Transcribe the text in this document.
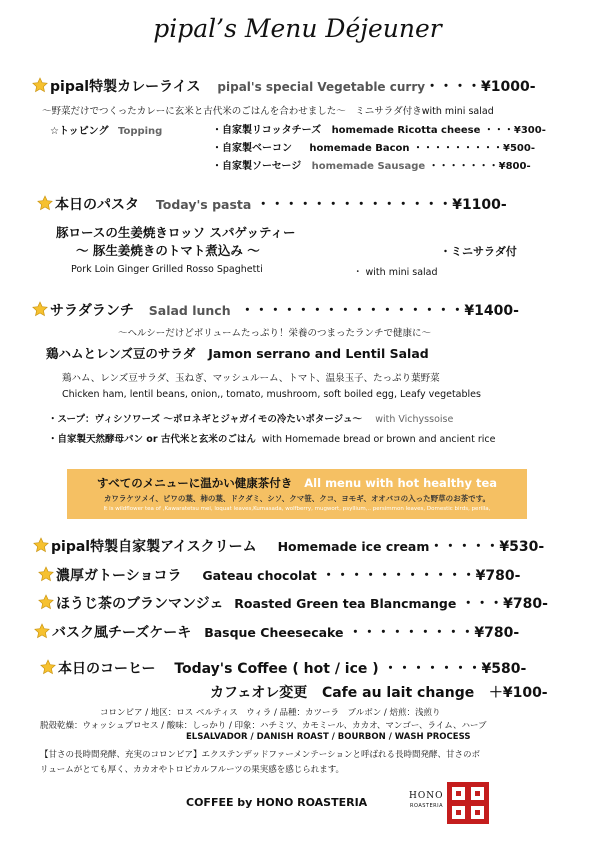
pipal’s Menu Déjeuner
pipal特製カレーライス pipal's special Vegetable curry・・・・¥1000-
～野菜だけでつくったカレーに玄米と古代米のごはんを合わせました～　ミニサラダ付きwith mini salad
☆トッピング Topping	・自家製リコッタチーズ homemade Ricotta cheese ・・・¥300-
・自家製ベーコン homemade Bacon ・・・・・・・・・¥500-
・自家製ソーセージ homemade Sausage ・・・・・・・¥800-
本日のパスタ Today's pasta ・・・・・・・・・・・・・・¥1100-
豚ロースの生姜焼きロッソ スパゲッティー
～ 豚生姜焼きのトマト煮込み ～	・ミニサラダ付
Pork Loin Ginger Grilled Rosso Spaghetti	・ with mini salad
サラダランチ Salad lunch ・・・・・・・・・・・・・・・・¥1400-
～ヘルシーだけどボリュームたっぷり！栄養のつまったランチで健康に～
鶏ハムとレンズ豆のサラダ Jamon serrano and Lentil Salad
鶏ハム、レンズ豆サラダ、玉ねぎ、マッシュルーム、トマト、温泉玉子、たっぷり葉野菜
Chicken ham, lentil beans, onion,, tomato, mushroom, soft boiled egg, Leafy vegetables
・スープ：ヴィシソワーズ ～ポロネギとジャガイモの冷たいポタージュ～ with Vichyssoise
・自家製天然酵母パン or 古代米と玄米のごはん with Homemade bread or brown and ancient rice
すべてのメニューに温かい健康茶付き All menu with hot healthy tea
カワラケツメイ、ビワの葉、柿の葉、ドクダミ、シソ、クマ笹、クコ、ヨモギ、オオバコの入った野草のお茶です。
It is wildflower tea of ,Kawaratetsu mei, loquat leaves,Kumasada, wolfberry, mugwort, psyllium,.. persimmon leaves, Domestic birds, perilla,
pipal特製自家製アイスクリーム Homemade ice cream・・・・・¥530-
濃厚ガトーショコラ Gateau chocolat ・・・・・・・・・・・¥780-
ほうじ茶のブランマンジェ Roasted Green tea Blancmange ・・・¥780-
バスク風チーズケーキ Basque Cheesecake ・・・・・・・・・¥780-
本日のコーヒー Today's Coffee ( hot / ice ) ・・・・・・・¥580-
カフェオレ変更 Cafe au lait change ＋¥100-
コロンビア / 地区：ロス ベルティス　ウィラ / 品種：カツーラ　ブルボン / 焙煎：浅煎り
脱殻乾燥：ウォッシュプロセス / 酸味：しっかり / 印象：ハチミツ、カモミール、カカオ、マンゴー、ライム、ハーブ
ELSALVADOR / DANISH ROAST / BOURBON / WASH PROCESS
【甘さの長時間発酵、充実のコロンビア】エクステンデッドファーメンテーションと呼ばれる長時間発酵、甘さのボ
リュームがとても厚く、カカオやトロピカルフルーツの果実感を感じられます。
COFFEE by HONO ROASTERIA	HONO
ROASTERIA
